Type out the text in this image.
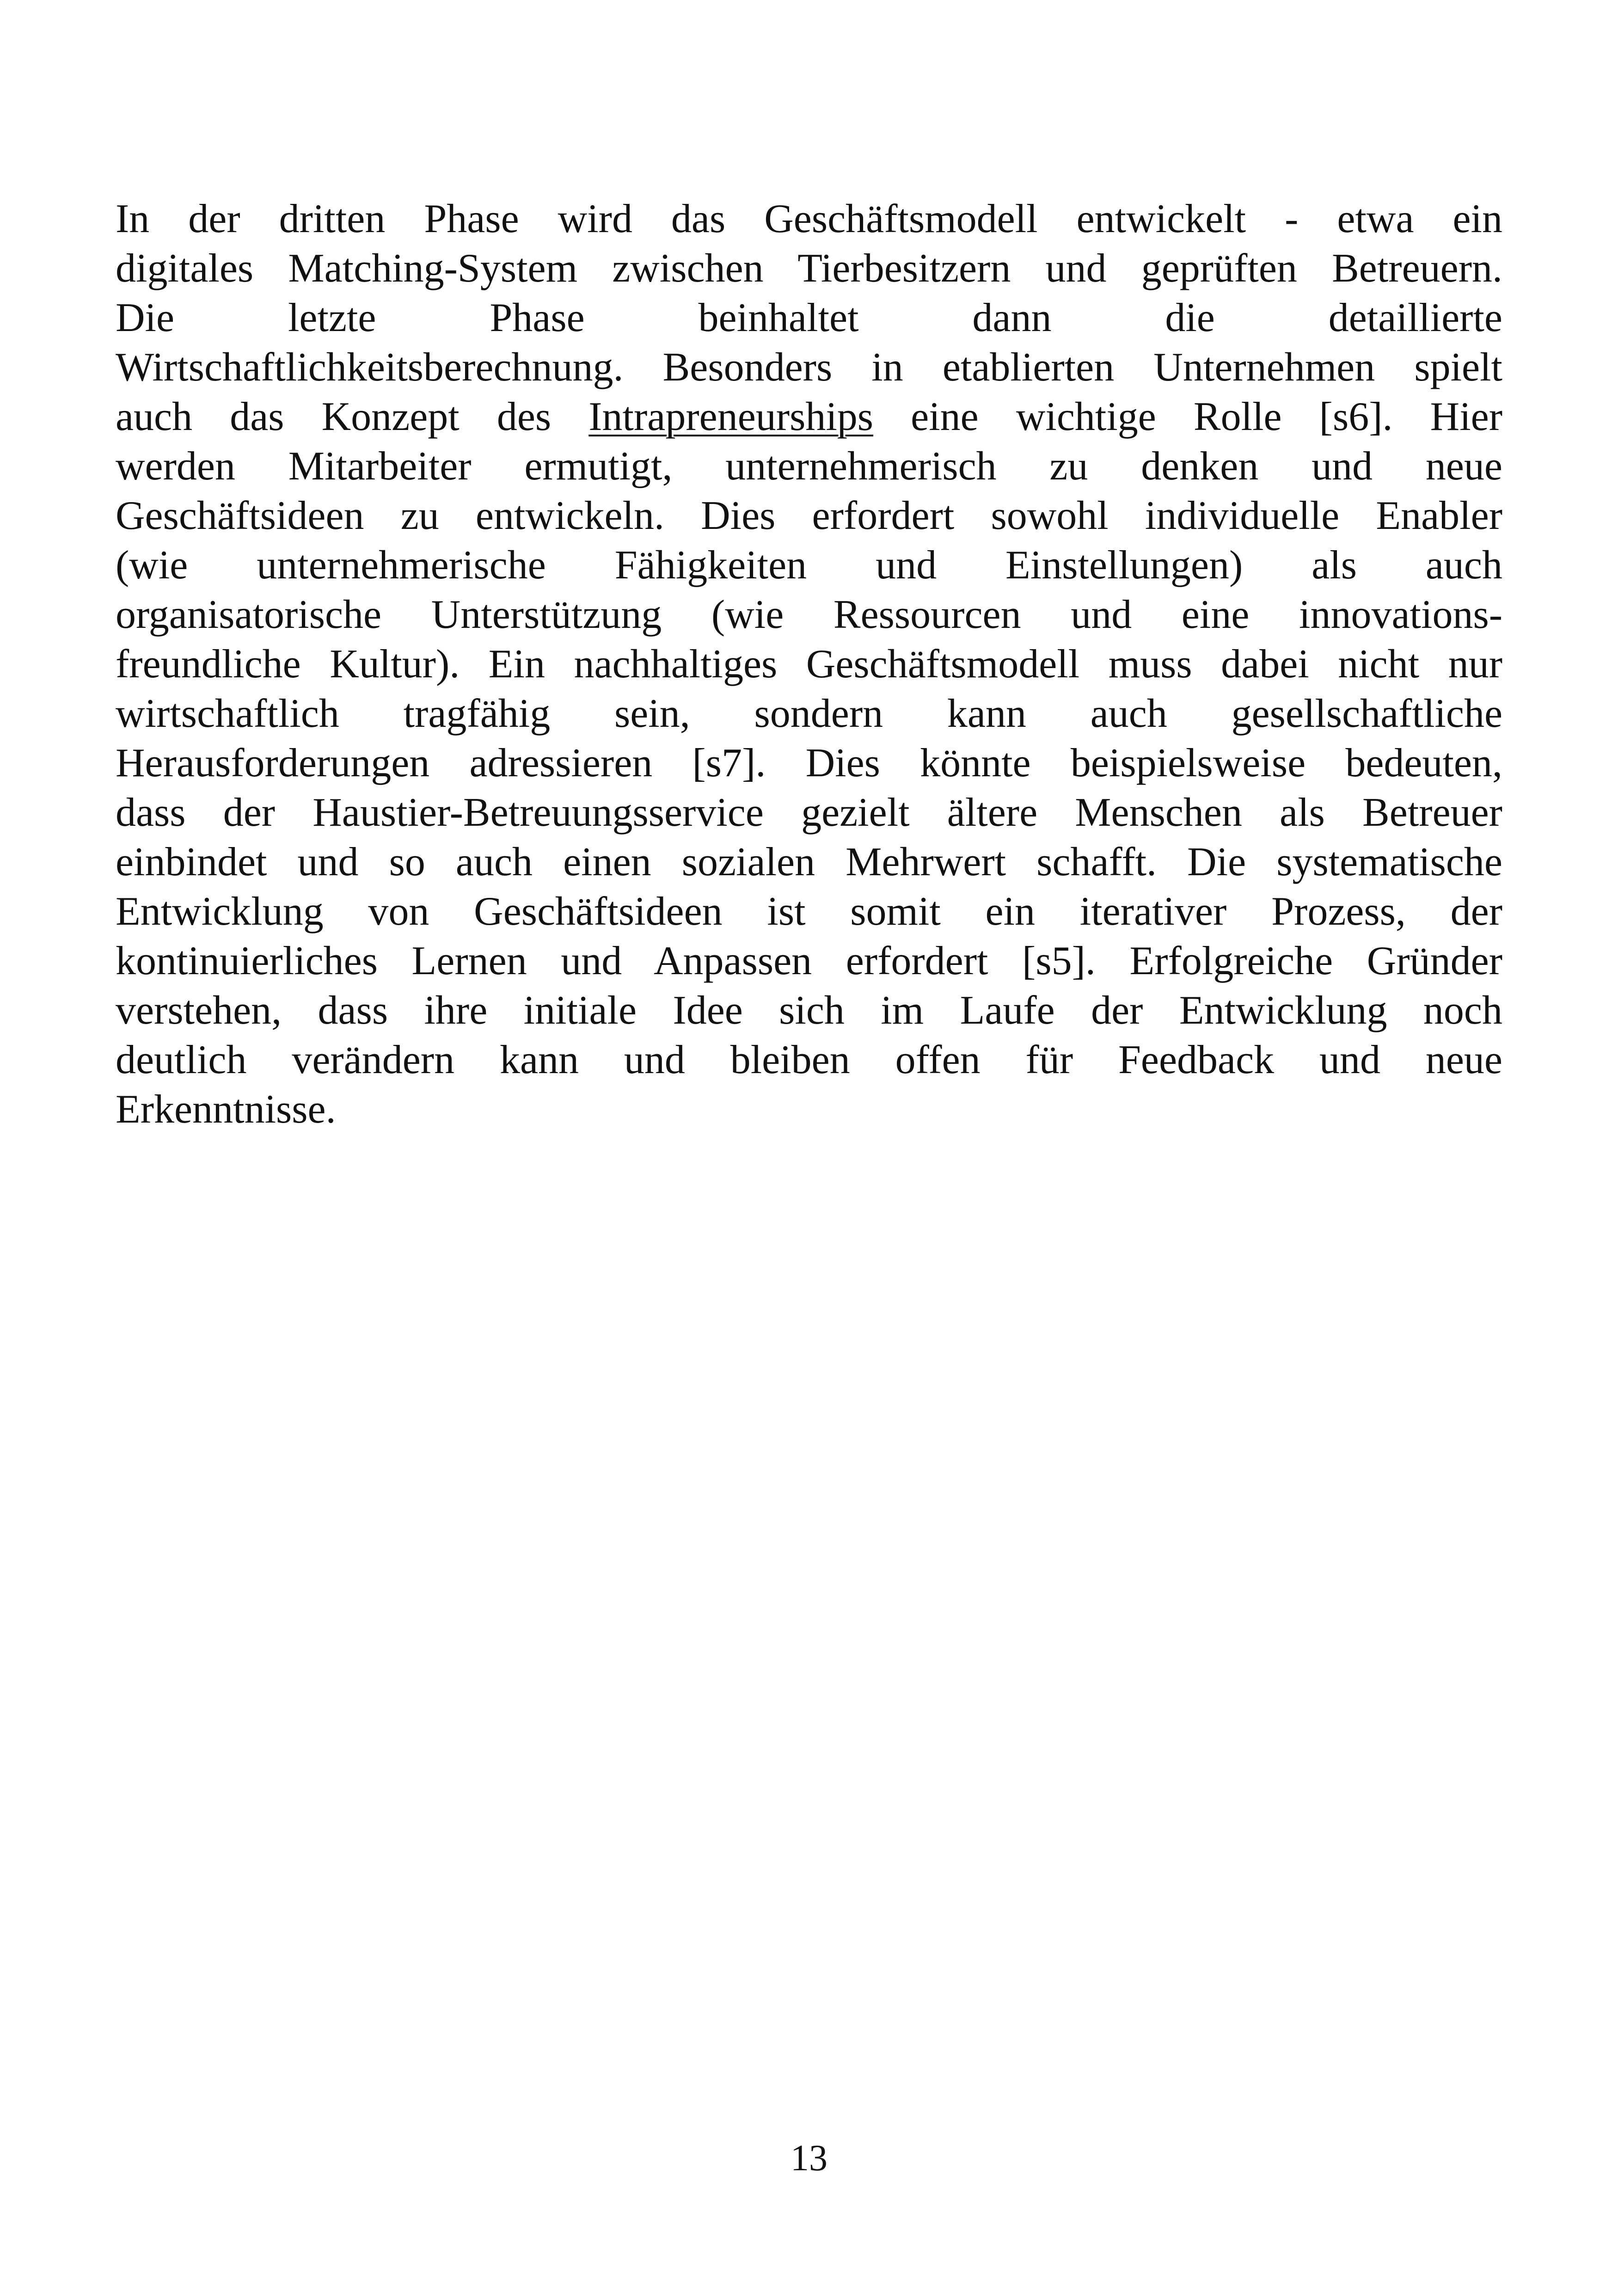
In der dritten Phase wird das Geschäftsmodell entwickelt - etwa ein
digitales Matching-System zwischen Tierbesitzern und geprüften Betreuern.
Die letzte Phase beinhaltet dann die detaillierte
Wirtschaftlichkeitsberechnung. Besonders in etablierten Unternehmen spielt
auch das Konzept des Intrapreneurships eine wichtige Rolle [s6]. Hier
werden Mitarbeiter ermutigt, unternehmerisch zu denken und neue
Geschäftsideen zu entwickeln. Dies erfordert sowohl individuelle Enabler
(wie unternehmerische Fähigkeiten und Einstellungen) als auch
organisatorische Unterstützung (wie Ressourcen und eine innovations-
freundliche Kultur). Ein nachhaltiges Geschäftsmodell muss dabei nicht nur
wirtschaftlich tragfähig sein, sondern kann auch gesellschaftliche
Herausforderungen adressieren [s7]. Dies könnte beispielsweise bedeuten,
dass der Haustier-Betreuungsservice gezielt ältere Menschen als Betreuer
einbindet und so auch einen sozialen Mehrwert schafft. Die systematische
Entwicklung von Geschäftsideen ist somit ein iterativer Prozess, der
kontinuierliches Lernen und Anpassen erfordert [s5]. Erfolgreiche Gründer
verstehen, dass ihre initiale Idee sich im Laufe der Entwicklung noch
deutlich verändern kann und bleiben offen für Feedback und neue
Erkenntnisse.

13
